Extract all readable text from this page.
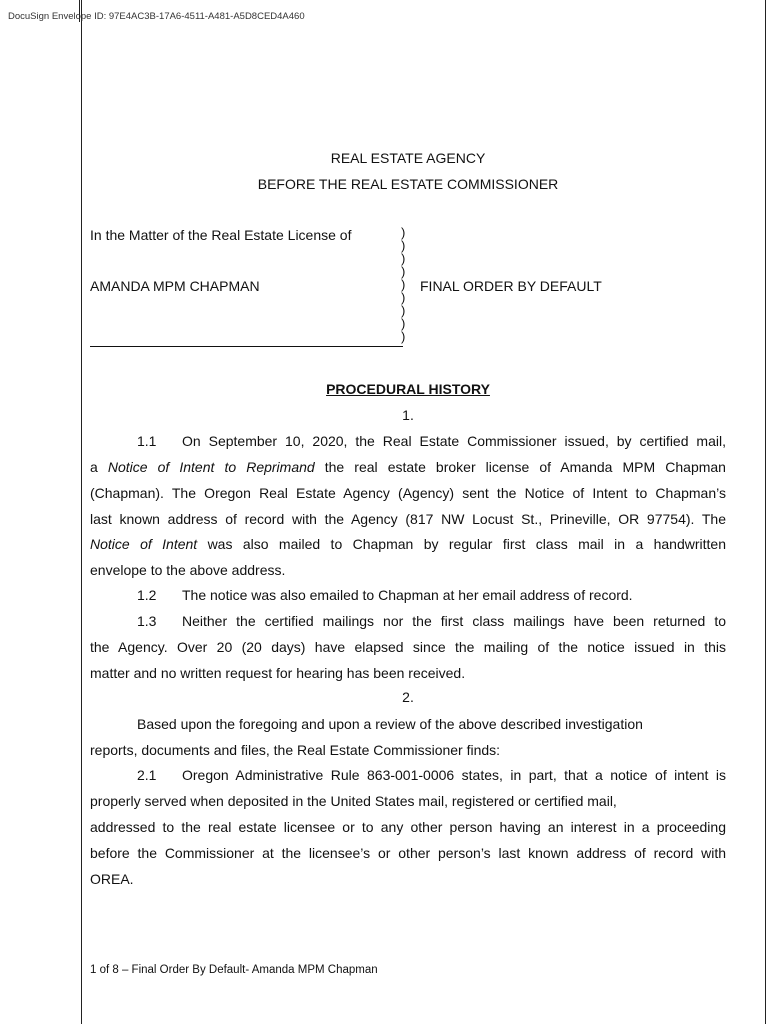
DocuSign Envelope ID: 97E4AC3B-17A6-4511-A481-A5D8CED4A460
REAL ESTATE AGENCY
BEFORE THE REAL ESTATE COMMISSIONER
In the Matter of the Real Estate License of
AMANDA MPM CHAPMAN	FINAL ORDER BY DEFAULT
)
)
)
)
)
)
)
)
)
PROCEDURAL HISTORY
1.
1.1 On September 10, 2020, the Real Estate Commissioner issued, by certified mail,
a Notice of Intent to Reprimand the real estate broker license of Amanda MPM Chapman
(Chapman). The Oregon Real Estate Agency (Agency) sent the Notice of Intent to Chapman’s
last known address of record with the Agency (817 NW Locust St., Prineville, OR 97754). The
Notice of Intent was also mailed to Chapman by regular first class mail in a handwritten
envelope to the above address.
1.2 The notice was also emailed to Chapman at her email address of record.
1.3 Neither the certified mailings nor the first class mailings have been returned to
the Agency. Over 20 (20 days) have elapsed since the mailing of the notice issued in this
matter and no written request for hearing has been received.
2.
Based upon the foregoing and upon a review of the above described investigation
reports, documents and files, the Real Estate Commissioner finds:
2.1 Oregon Administrative Rule 863-001-0006 states, in part, that a notice of intent is
properly served when deposited in the United States mail, registered or certified mail,
addressed to the real estate licensee or to any other person having an interest in a proceeding
before the Commissioner at the licensee’s or other person’s last known address of record with
OREA.
1 of 8 – Final Order By Default- Amanda MPM Chapman
